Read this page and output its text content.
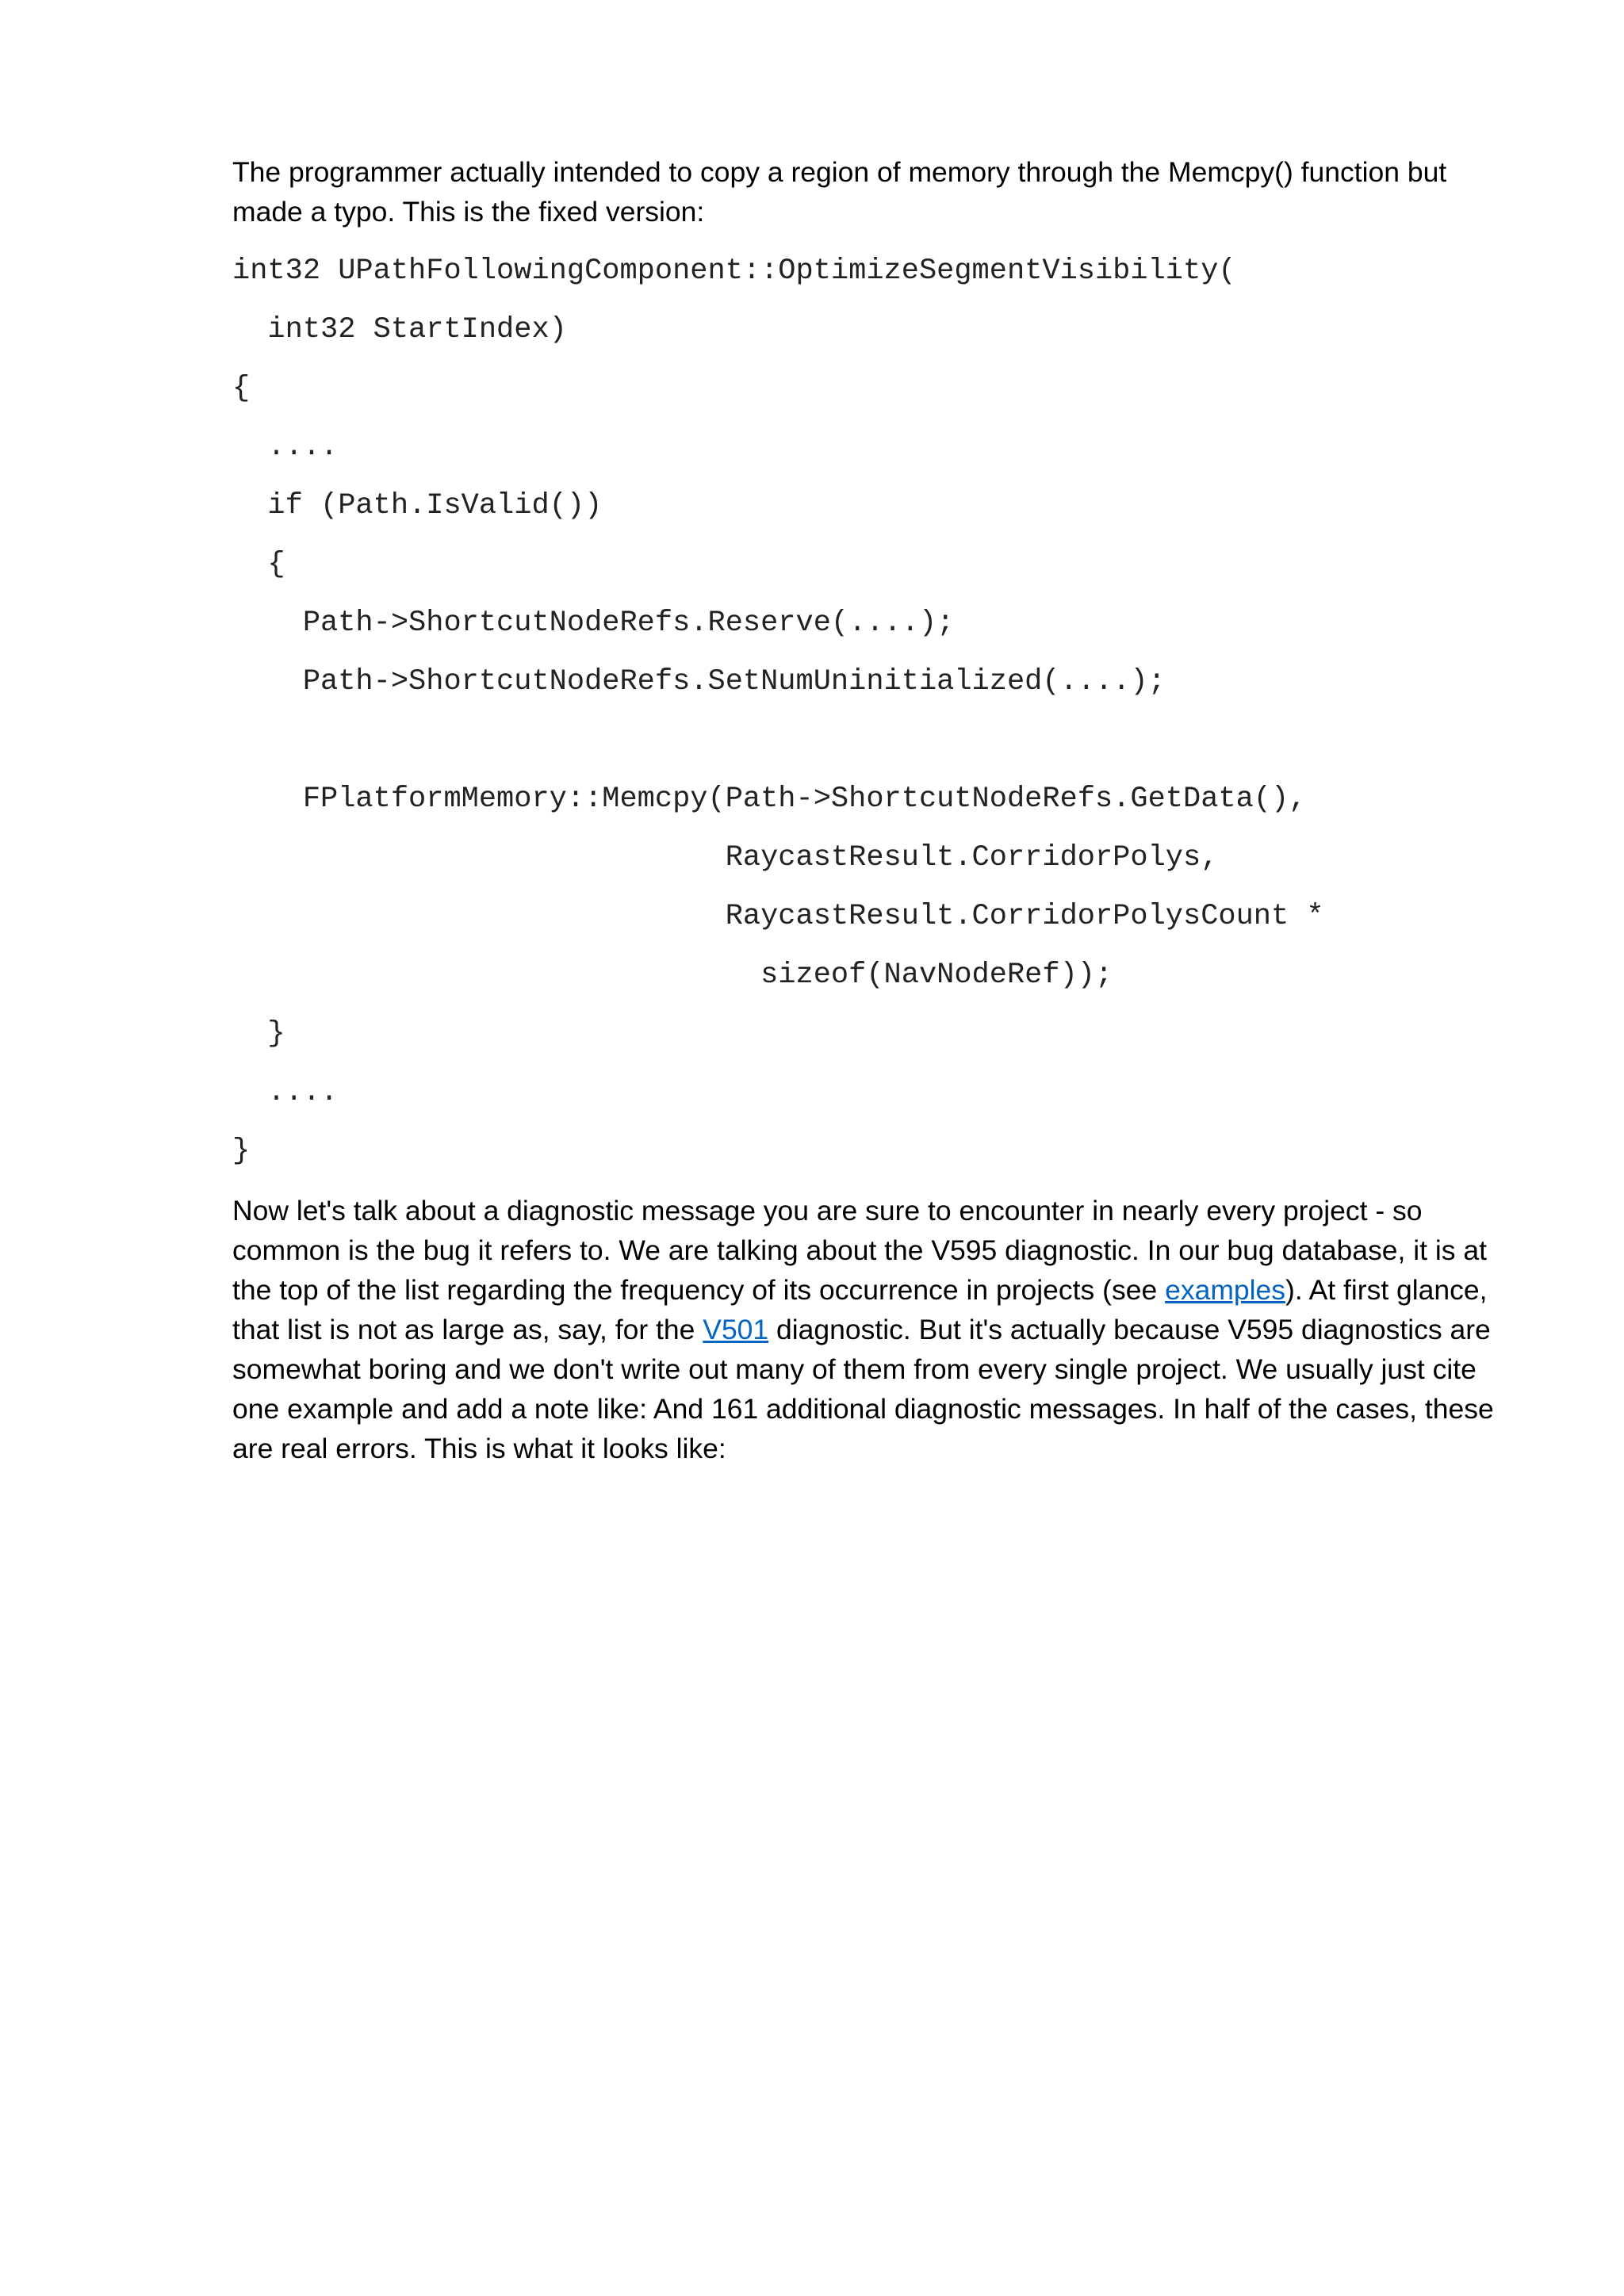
The programmer actually intended to copy a region of memory through the Memcpy() function but made a typo. This is the fixed version:

int32 UPathFollowingComponent::OptimizeSegmentVisibility(
int32 StartIndex)
{
....
if (Path.IsValid())
{
Path->ShortcutNodeRefs.Reserve(....);
Path->ShortcutNodeRefs.SetNumUninitialized(....);
FPlatformMemory::Memcpy(Path->ShortcutNodeRefs.GetData(),
RaycastResult.CorridorPolys,
RaycastResult.CorridorPolysCount *
sizeof(NavNodeRef));
}
....
}

Now let's talk about a diagnostic message you are sure to encounter in nearly every project - so common is the bug it refers to. We are talking about the V595 diagnostic. In our bug database, it is at the top of the list regarding the frequency of its occurrence in projects (see examples). At first glance, that list is not as large as, say, for the V501 diagnostic. But it's actually because V595 diagnostics are somewhat boring and we don't write out many of them from every single project. We usually just cite one example and add a note like: And 161 additional diagnostic messages. In half of the cases, these are real errors. This is what it looks like:
